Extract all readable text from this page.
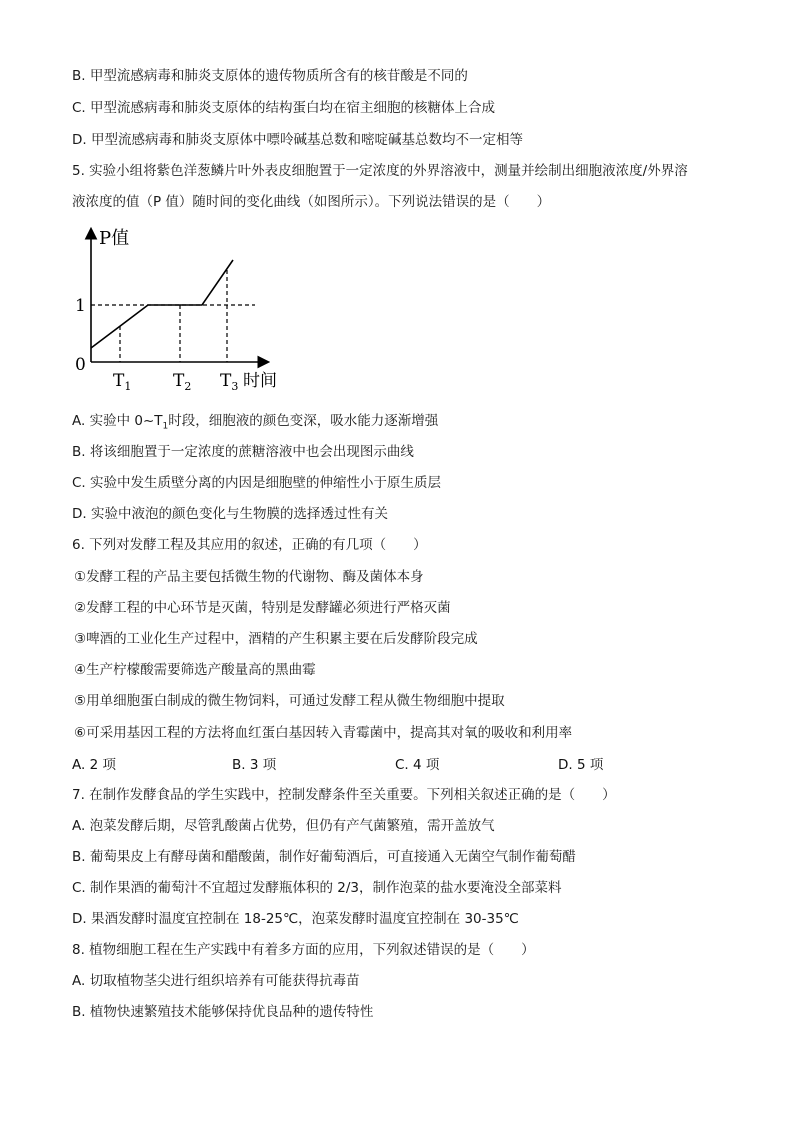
B. 甲型流感病毒和肺炎支原体的遗传物质所含有的核苷酸是不同的
C. 甲型流感病毒和肺炎支原体的结构蛋白均在宿主细胞的核糖体上合成
D. 甲型流感病毒和肺炎支原体中嘌呤碱基总数和嘧啶碱基总数均不一定相等
5. 实验小组将紫色洋葱鳞片叶外表皮细胞置于一定浓度的外界溶液中，测量并绘制出细胞液浓度/外界溶
液浓度的值（P 值）随时间的变化曲线（如图所示）。下列说法错误的是（　　）
P值
1
0
$T_1$ $T_2$ $T_3$ 时间
A. 实验中 $0\sim T_1$时段，细胞液的颜色变深，吸水能力逐渐增强
B. 将该细胞置于一定浓度的蔗糖溶液中也会出现图示曲线
C. 实验中发生质壁分离的内因是细胞壁的伸缩性小于原生质层
D. 实验中液泡的颜色变化与生物膜的选择透过性有关
6. 下列对发酵工程及其应用的叙述，正确的有几项（　　）
①发酵工程的产品主要包括微生物的代谢物、酶及菌体本身
②发酵工程的中心环节是灭菌，特别是发酵罐必须进行严格灭菌
③啤酒的工业化生产过程中，酒精的产生积累主要在后发酵阶段完成
④生产柠檬酸需要筛选产酸量高的黑曲霉
⑤用单细胞蛋白制成的微生物饲料，可通过发酵工程从微生物细胞中提取
⑥可采用基因工程的方法将血红蛋白基因转入青霉菌中，提高其对氧的吸收和利用率
A. 2 项	B. 3 项	C. 4 项	D. 5 项
7. 在制作发酵食品的学生实践中，控制发酵条件至关重要。下列相关叙述正确的是（　　）
A. 泡菜发酵后期，尽管乳酸菌占优势，但仍有产气菌繁殖，需开盖放气
B. 葡萄果皮上有酵母菌和醋酸菌，制作好葡萄酒后，可直接通入无菌空气制作葡萄醋
C. 制作果酒的葡萄汁不宜超过发酵瓶体积的 2/3，制作泡菜的盐水要淹没全部菜料
D. 果酒发酵时温度宜控制在 18-25℃，泡菜发酵时温度宜控制在 30-35℃
8. 植物细胞工程在生产实践中有着多方面的应用，下列叙述错误的是（　　）
A. 切取植物茎尖进行组织培养有可能获得抗毒苗
B. 植物快速繁殖技术能够保持优良品种的遗传特性
